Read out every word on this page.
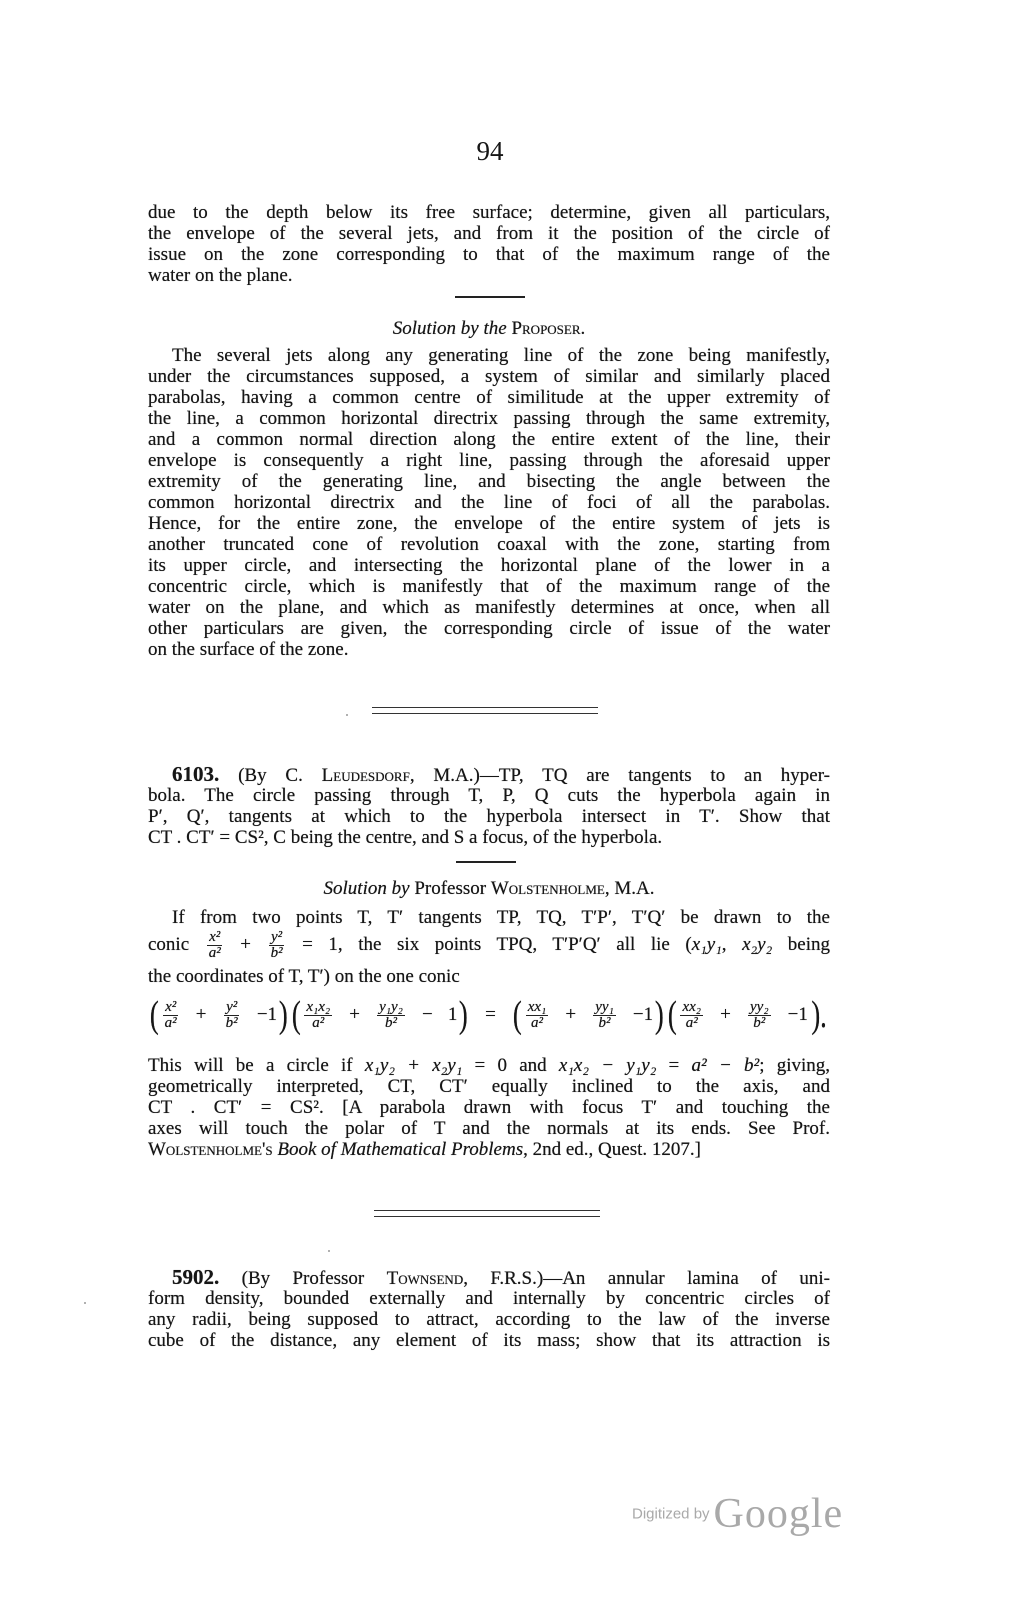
94
due to the depth below its free surface; determine, given all particulars,
the envelope of the several jets, and from it the position of the circle of
issue on the zone corresponding to that of the maximum range of the
water on the plane.
Solution by the Proposer.
The several jets along any generating line of the zone being manifestly,
under the circumstances supposed, a system of similar and similarly placed
parabolas, having a common centre of similitude at the upper extremity of
the line, a common horizontal directrix passing through the same extremity,
and a common normal direction along the entire extent of the line, their
envelope is consequently a right line, passing through the aforesaid upper
extremity of the generating line, and bisecting the angle between the
common horizontal directrix and the line of foci of all the parabolas.
Hence, for the entire zone, the envelope of the entire system of jets is
another truncated cone of revolution coaxal with the zone, starting from
its upper circle, and intersecting the horizontal plane of the lower in a
concentric circle, which is manifestly that of the maximum range of the
water on the plane, and which as manifestly determines at once, when all
other particulars are given, the corresponding circle of issue of the water
on the surface of the zone.
6103. (By C. Leudesdorf, M.A.)—TP, TQ are tangents to an hyper-
bola. The circle passing through T, P, Q cuts the hyperbola again in
P′, Q′, tangents at which to the hyperbola intersect in T′. Show that
CT . CT′ = CS², C being the centre, and S a focus, of the hyperbola.
Solution by Professor Wolstenholme, M.A.
If from two points T, T′ tangents TP, TQ, T′P′, T′Q′ be drawn to the
conic $\frac{\text{x²}}{\text{a²}} + \frac{\text{y²}}{\text{b²}} = 1$, the six points TPQ, T′P′Q′ all lie (x₁y₁, x₂y₂ being
the coordinates of T, T′) on the one conic
( $\frac{\text{x²}}{\text{a²}} + \frac{\text{y²}}{\text{b²}} -1)( \frac{\text{x₁x₂}}{\text{a²}} + \frac{\text{y₁y₂}}{\text{b²}} - 1)$ = ( $\frac{\text{xx₁}}{\text{a²}} + \frac{\text{yy₁}}{\text{b²}} -1)( \frac{\text{xx₂}}{\text{a²}} + \frac{\text{yy₂}}{\text{b²}} -1)$.
This will be a circle if x₁y₂ + x₂y₁ = 0 and x₁x₂ − y₁y₂ = a² − b²; giving,
geometrically interpreted, CT, CT′ equally inclined to the axis, and
CT . CT′ = CS². [A parabola drawn with focus T′ and touching the
axes will touch the polar of T and the normals at its ends. See Prof.
Wolstenholme's Book of Mathematical Problems, 2nd ed., Quest. 1207.]
5902. (By Professor Townsend, F.R.S.)—An annular lamina of uni-
form density, bounded externally and internally by concentric circles of
any radii, being supposed to attract, according to the law of the inverse
cube of the distance, any element of its mass; show that its attraction is
Digitized by Google
